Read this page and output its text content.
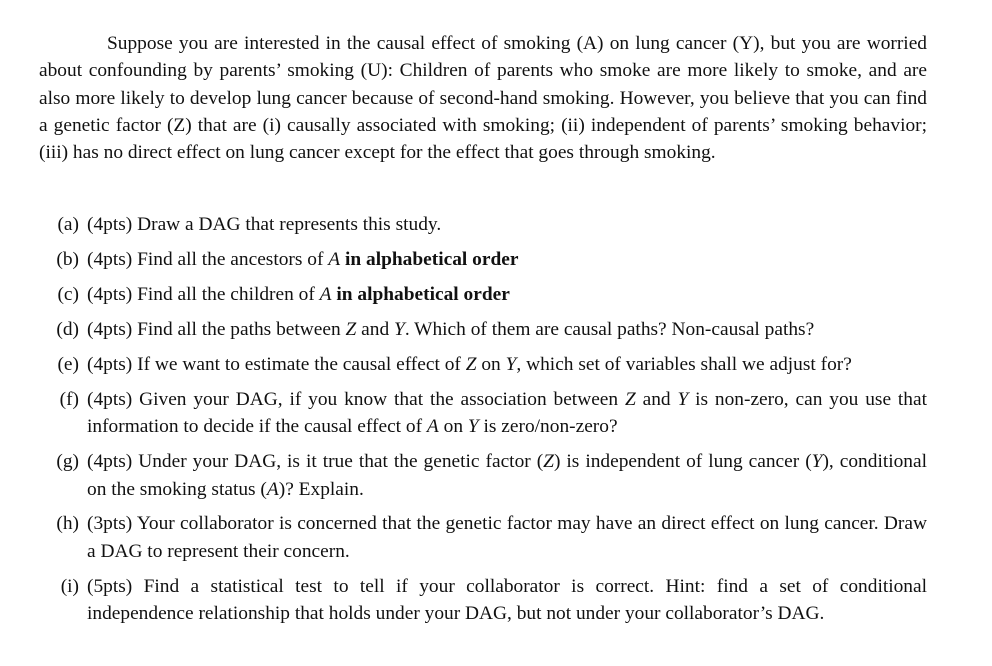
Suppose you are interested in the causal effect of smoking (A) on lung cancer (Y), but you are worried about confounding by parents’ smoking (U): Children of parents who smoke are more likely to smoke, and are also more likely to develop lung cancer because of second-hand smoking. However, you believe that you can find a genetic factor (Z) that are (i) causally associated with smoking; (ii) independent of parents’ smoking behavior; (iii) has no direct effect on lung cancer except for the effect that goes through smoking.

(a) (4pts) Draw a DAG that represents this study.
(b) (4pts) Find all the ancestors of A in alphabetical order
(c) (4pts) Find all the children of A in alphabetical order
(d) (4pts) Find all the paths between Z and Y. Which of them are causal paths? Non-causal paths?
(e) (4pts) If we want to estimate the causal effect of Z on Y, which set of variables shall we adjust for?
(f) (4pts) Given your DAG, if you know that the association between Z and Y is non-zero, can you use that information to decide if the causal effect of A on Y is zero/non-zero?
(g) (4pts) Under your DAG, is it true that the genetic factor (Z) is independent of lung cancer (Y), conditional on the smoking status (A)? Explain.
(h) (3pts) Your collaborator is concerned that the genetic factor may have an direct effect on lung cancer. Draw a DAG to represent their concern.
(i) (5pts) Find a statistical test to tell if your collaborator is correct. Hint: find a set of conditional independence relationship that holds under your DAG, but not under your collaborator’s DAG.
